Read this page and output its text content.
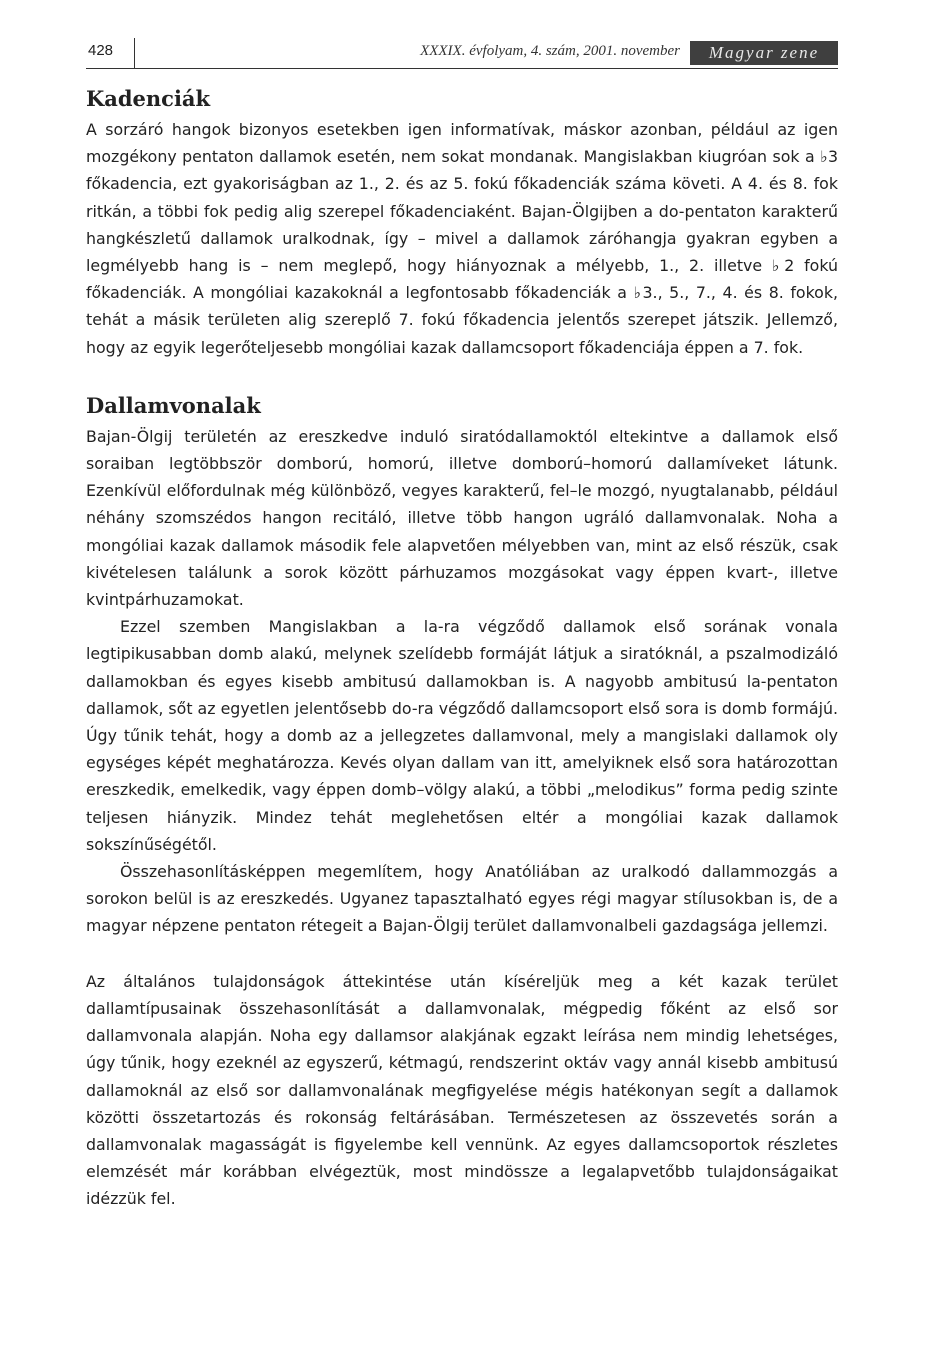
428	XXXIX. évfolyam, 4. szám, 2001. november	Magyar zene
Kadenciák

A sorzáró hangok bizonyos esetekben igen informatívak, máskor azonban, például az igen mozgékony pentaton dallamok esetén, nem sokat mondanak. Mangislakban kiugróan sok a ♭3 főkadencia, ezt gyakoriságban az 1., 2. és az 5. fokú főkadenciák száma követi. A 4. és 8. fok ritkán, a többi fok pedig alig szerepel főkadenciaként. Bajan-Ölgijben a do-pentaton karakterű hangkészletű dallamok uralkodnak, így – mivel a dallamok záróhangja gyakran egyben a legmélyebb hang is – nem meglepő, hogy hiányoznak a mélyebb, 1., 2. illetve ♭2 fokú főkadenciák. A mongóliai kazakoknál a legfontosabb főkadenciák a ♭3., 5., 7., 4. és 8. fokok, tehát a másik területen alig szereplő 7. fokú főkadencia jelentős szerepet játszik. Jellemző, hogy az egyik legerőteljesebb mongóliai kazak dallamcsoport főkadenciája éppen a 7. fok.

Dallamvonalak

Bajan-Ölgij területén az ereszkedve induló siratódallamoktól eltekintve a dallamok első soraiban legtöbbször domború, homorú, illetve domború–homorú dallamíveket látunk. Ezenkívül előfordulnak még különböző, vegyes karakterű, fel–le mozgó, nyugtalanabb, például néhány szomszédos hangon recitáló, illetve több hangon ugráló dallamvonalak. Noha a mongóliai kazak dallamok második fele alapvetően mélyebben van, mint az első részük, csak kivételesen találunk a sorok között párhuzamos mozgásokat vagy éppen kvart-, illetve kvintpárhuzamokat.

Ezzel szemben Mangislakban a la-ra végződő dallamok első sorának vonala legtipikusabban domb alakú, melynek szelídebb formáját látjuk a siratóknál, a pszalmodizáló dallamokban és egyes kisebb ambitusú dallamokban is. A nagyobb ambitusú la-pentaton dallamok, sőt az egyetlen jelentősebb do-ra végződő dallamcsoport első sora is domb formájú. Úgy tűnik tehát, hogy a domb az a jellegzetes dallamvonal, mely a mangislaki dallamok oly egységes képét meghatározza. Kevés olyan dallam van itt, amelyiknek első sora határozottan ereszkedik, emelkedik, vagy éppen domb–völgy alakú, a többi „melodikus” forma pedig szinte teljesen hiányzik. Mindez tehát meglehetősen eltér a mongóliai kazak dallamok sokszínűségétől.

Összehasonlításképpen megemlítem, hogy Anatóliában az uralkodó dallammozgás a sorokon belül is az ereszkedés. Ugyanez tapasztalható egyes régi magyar stílusokban is, de a magyar népzene pentaton rétegeit a Bajan-Ölgij terület dallamvonalbeli gazdagsága jellemzi.

Az általános tulajdonságok áttekintése után kíséreljük meg a két kazak terület dallamtípusainak összehasonlítását a dallamvonalak, mégpedig főként az első sor dallamvonala alapján. Noha egy dallamsor alakjának egzakt leírása nem mindig lehetséges, úgy tűnik, hogy ezeknél az egyszerű, kétmagú, rendszerint oktáv vagy annál kisebb ambitusú dallamoknál az első sor dallamvonalának megfigyelése mégis hatékonyan segít a dallamok közötti összetartozás és rokonság feltárásában. Természetesen az összevetés során a dallamvonalak magasságát is figyelembe kell vennünk. Az egyes dallamcsoportok részletes elemzését már korábban elvégeztük, most mindössze a legalapvetőbb tulajdonságaikat idézzük fel.
